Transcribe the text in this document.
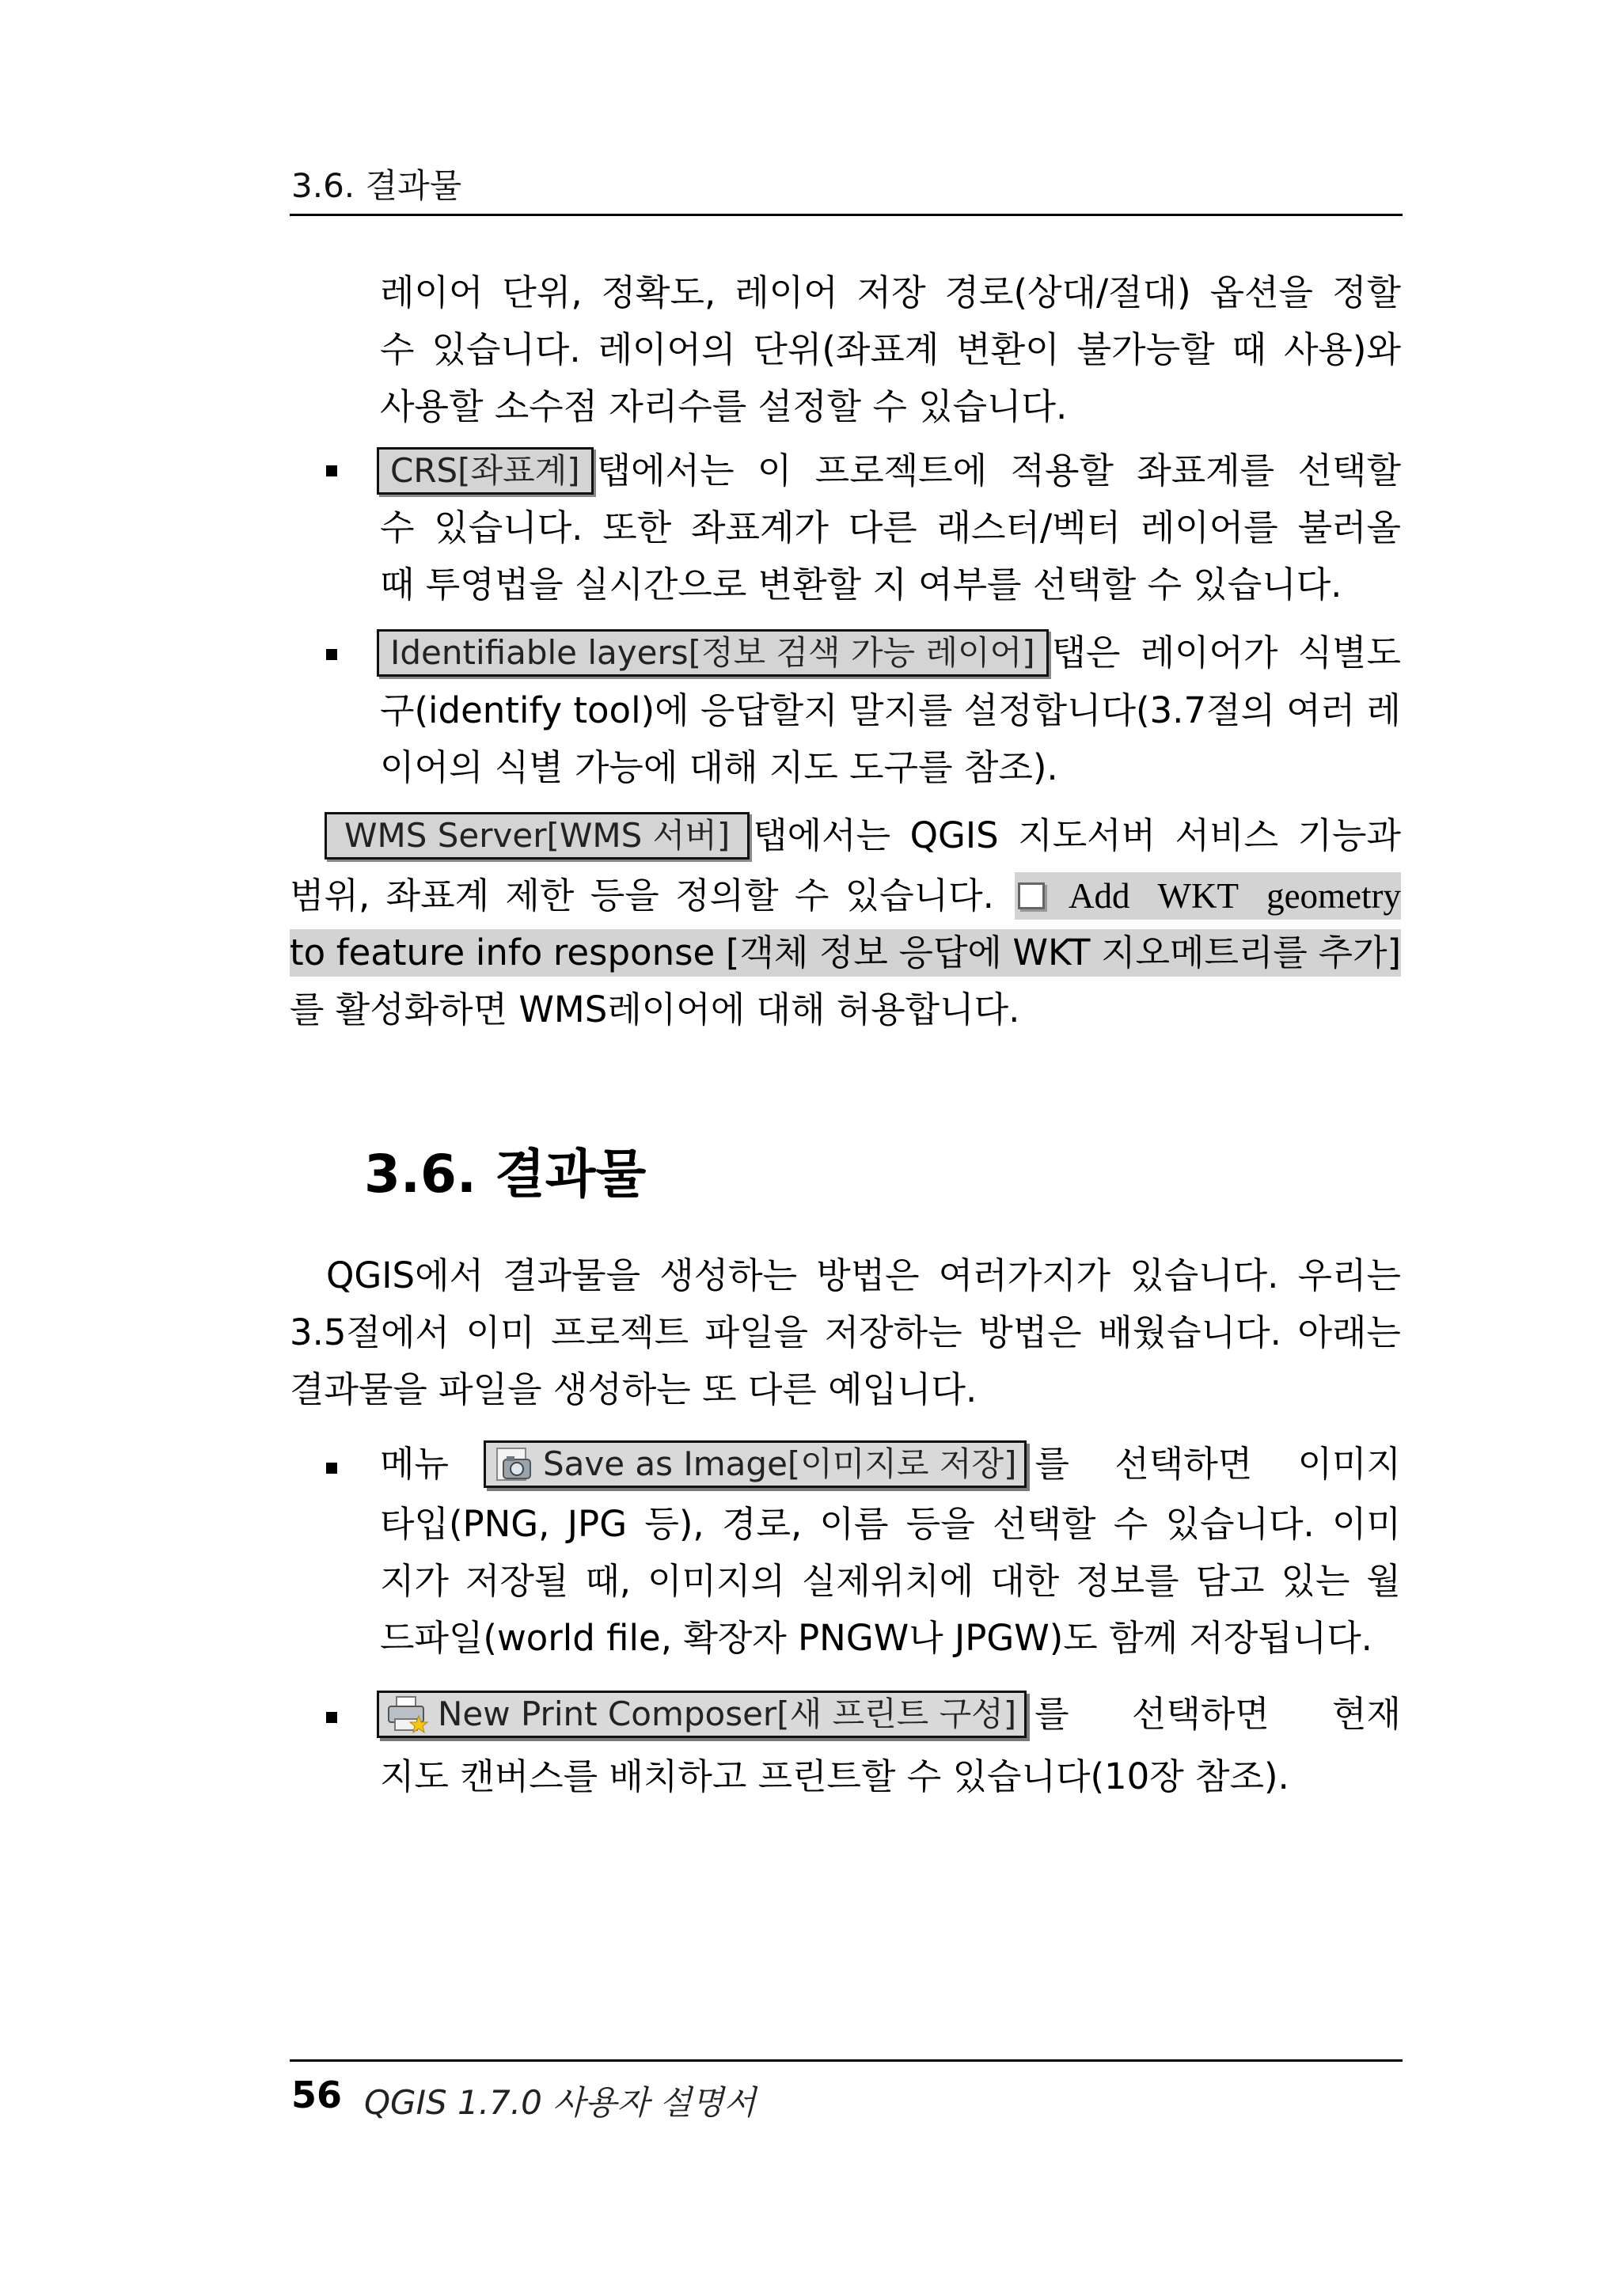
3.6. 결과물
레이어 단위, 정확도, 레이어 저장 경로(상대/절대) 옵션을 정할
수 있습니다. 레이어의 단위(좌표계 변환이 불가능할 때 사용)와
사용할 소수점 자리수를 설정할 수 있습니다.
CRS[좌표계] 탭에서는 이 프로젝트에 적용할 좌표계를 선택할
수 있습니다. 또한 좌표계가 다른 래스터/벡터 레이어를 불러올
때 투영법을 실시간으로 변환할 지 여부를 선택할 수 있습니다.
Identifiable layers[정보 검색 가능 레이어] 탭은 레이어가 식별도
구(identify tool)에 응답할지 말지를 설정합니다(3.7절의 여러 레
이어의 식별 가능에 대해 지도 도구를 참조).
WMS Server[WMS 서버] 탭에서는 QGIS 지도서버 서비스 기능과
범위, 좌표계 제한 등을 정의할 수 있습니다. Add WKT geometry
to feature info response [객체 정보 응답에 WKT 지오메트리를 추가]
를 활성화하면 WMS레이어에 대해 허용합니다.
3.6. 결과물
QGIS에서 결과물을 생성하는 방법은 여러가지가 있습니다. 우리는
3.5절에서 이미 프로젝트 파일을 저장하는 방법은 배웠습니다. 아래는
결과물을 파일을 생성하는 또 다른 예입니다.
메뉴	Save as Image[이미지로 저장] 를 선택하면 이미지
타입(PNG, JPG 등), 경로, 이름 등을 선택할 수 있습니다. 이미
지가 저장될 때, 이미지의 실제위치에 대한 정보를 담고 있는 월
드파일(world file, 확장자 PNGW나 JPGW)도 함께 저장됩니다.
New Print Composer[새 프린트 구성] 를 선택하면 현재
지도 캔버스를 배치하고 프린트할 수 있습니다(10장 참조).
56 QGIS 1.7.0 사용자 설명서
